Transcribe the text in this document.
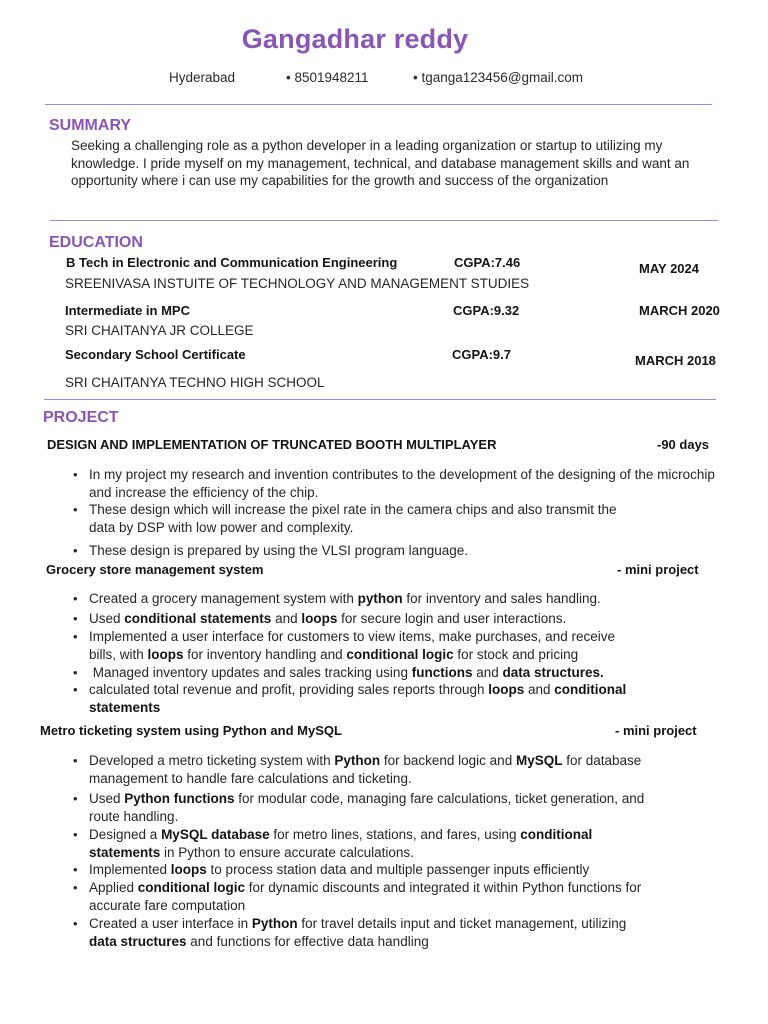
Gangadhar reddy
Hyderabad	• 8501948211	• tganga123456@gmail.com
SUMMARY
Seeking a challenging role as a python developer in a leading organization or startup to utilizing my knowledge. I pride myself on my management, technical, and database management skills and want an opportunity where i can use my capabilities for the growth and success of the organization
EDUCATION
B Tech in Electronic and Communication Engineering	CGPA:7.46	MAY 2024
SREENIVASA INSTUITE OF TECHNOLOGY AND MANAGEMENT STUDIES
Intermediate in MPC	CGPA:9.32	MARCH 2020
SRI CHAITANYA JR COLLEGE
Secondary School Certificate	CGPA:9.7	MARCH 2018
SRI CHAITANYA TECHNO HIGH SCHOOL
PROJECT
DESIGN AND IMPLEMENTATION OF TRUNCATED BOOTH MULTIPLAYER	-90 days
• In my project my research and invention contributes to the development of the designing of the microchip and increase the efficiency of the chip.
• These design which will increase the pixel rate in the camera chips and also transmit the
data by DSP with low power and complexity.
• These design is prepared by using the VLSI program language.
Grocery store management system	- mini project
• Created a grocery management system with python for inventory and sales handling.
• Used conditional statements and loops for secure login and user interactions.
• Implemented a user interface for customers to view items, make purchases, and receive
bills, with loops for inventory handling and conditional logic for stock and pricing
•  Managed inventory updates and sales tracking using functions and data structures.
• calculated total revenue and profit, providing sales reports through loops and conditional
statements
Metro ticketing system using Python and MySQL	- mini project
• Developed a metro ticketing system with Python for backend logic and MySQL for database
management to handle fare calculations and ticketing.
• Used Python functions for modular code, managing fare calculations, ticket generation, and
route handling.
• Designed a MySQL database for metro lines, stations, and fares, using conditional
statements in Python to ensure accurate calculations.
• Implemented loops to process station data and multiple passenger inputs efficiently
• Applied conditional logic for dynamic discounts and integrated it within Python functions for
accurate fare computation
• Created a user interface in Python for travel details input and ticket management, utilizing
data structures and functions for effective data handling
